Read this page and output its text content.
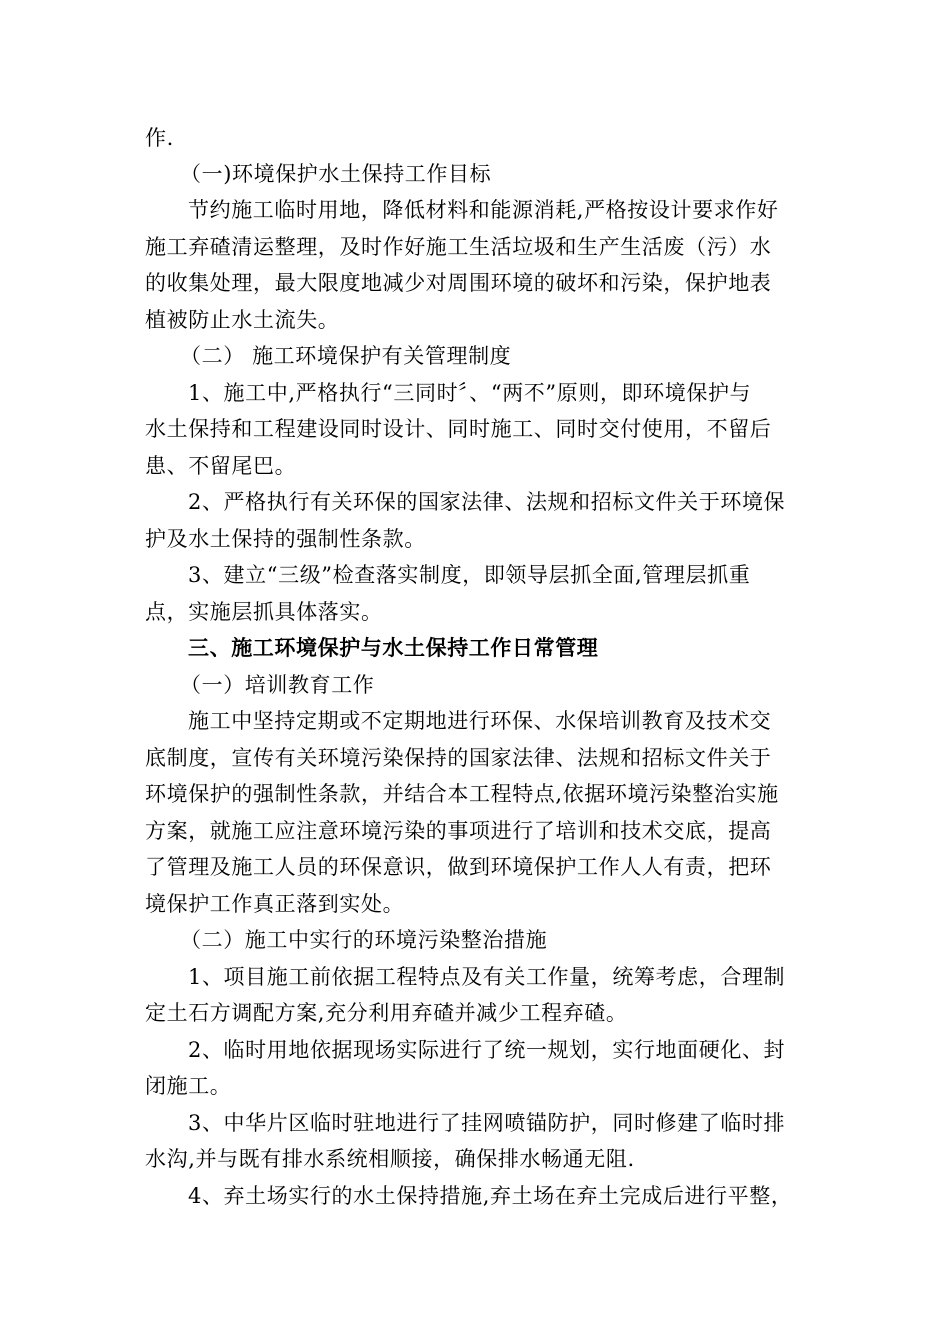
作.
（一)环境保护水土保持工作目标
节约施工临时用地，降低材料和能源消耗,严格按设计要求作好
施工弃碴清运整理，及时作好施工生活垃圾和生产生活废（污）水
的收集处理，最大限度地减少对周围环境的破坏和污染，保护地表
植被防止水土流失。
（二） 施工环境保护有关管理制度
1、施工中,严格执行“三同时〞、“两不”原则，即环境保护与
水土保持和工程建设同时设计、同时施工、同时交付使用，不留后
患、不留尾巴。
2、严格执行有关环保的国家法律、法规和招标文件关于环境保
护及水土保持的强制性条款。
3、建立“三级”检查落实制度，即领导层抓全面,管理层抓重
点，实施层抓具体落实。
三、施工环境保护与水土保持工作日常管理
（一）培训教育工作
施工中坚持定期或不定期地进行环保、水保培训教育及技术交
底制度，宣传有关环境污染保持的国家法律、法规和招标文件关于
环境保护的强制性条款，并结合本工程特点,依据环境污染整治实施
方案，就施工应注意环境污染的事项进行了培训和技术交底，提高
了管理及施工人员的环保意识，做到环境保护工作人人有责，把环
境保护工作真正落到实处。
（二）施工中实行的环境污染整治措施
1、项目施工前依据工程特点及有关工作量，统筹考虑，合理制
定土石方调配方案,充分利用弃碴并减少工程弃碴。
2、临时用地依据现场实际进行了统一规划，实行地面硬化、封
闭施工。
3、中华片区临时驻地进行了挂网喷锚防护，同时修建了临时排
水沟,并与既有排水系统相顺接，确保排水畅通无阻.
4、弃土场实行的水土保持措施,弃土场在弃土完成后进行平整，
